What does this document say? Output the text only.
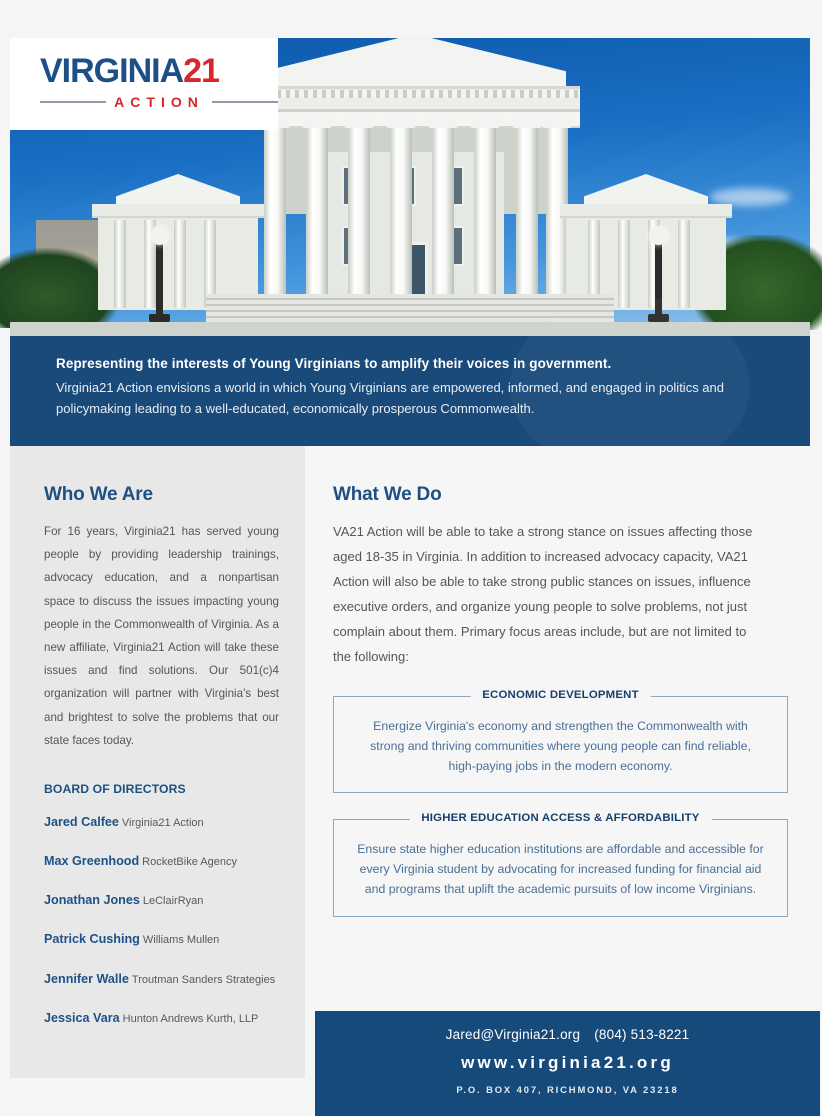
VIRGINIA21
ACTION
Representing the interests of Young Virginians to amplify their voices in government.

Virginia21 Action envisions a world in which Young Virginians are empowered, informed, and engaged in politics and policymaking leading to a well-educated, economically prosperous Commonwealth.

Who We Are
For 16 years, Virginia21 has served young people by providing leadership trainings, advocacy education, and a nonpartisan space to discuss the issues impacting young people in the Commonwealth of Virginia. As a new affiliate, Virginia21 Action will take these issues and find solutions. Our 501(c)4 organization will partner with Virginia's best and brightest to solve the problems that our state faces today.
BOARD OF DIRECTORS
Jared Calfee Virginia21 Action
Max Greenhood RocketBike Agency
Jonathan Jones LeClairRyan
Patrick Cushing Williams Mullen
Jennifer Walle Troutman Sanders Strategies
Jessica Vara Hunton Andrews Kurth, LLP
What We Do
VA21 Action will be able to take a strong stance on issues affecting those aged 18-35 in Virginia. In addition to increased advocacy capacity, VA21 Action will also be able to take strong public stances on issues, influence executive orders, and organize young people to solve problems, not just complain about them. Primary focus areas include, but are not limited to the following:
ECONOMIC DEVELOPMENT
Energize Virginia's economy and strengthen the Commonwealth with strong and thriving communities where young people can find reliable, high-paying jobs in the modern economy.
HIGHER EDUCATION ACCESS & AFFORDABILITY
Ensure state higher education institutions are affordable and accessible for every Virginia student by advocating for increased funding for financial aid and programs that uplift the academic pursuits of low income Virginians.
Jared@Virginia21.org (804) 513-8221
www.virginia21.org
P.O. BOX 407, RICHMOND, VA 23218
